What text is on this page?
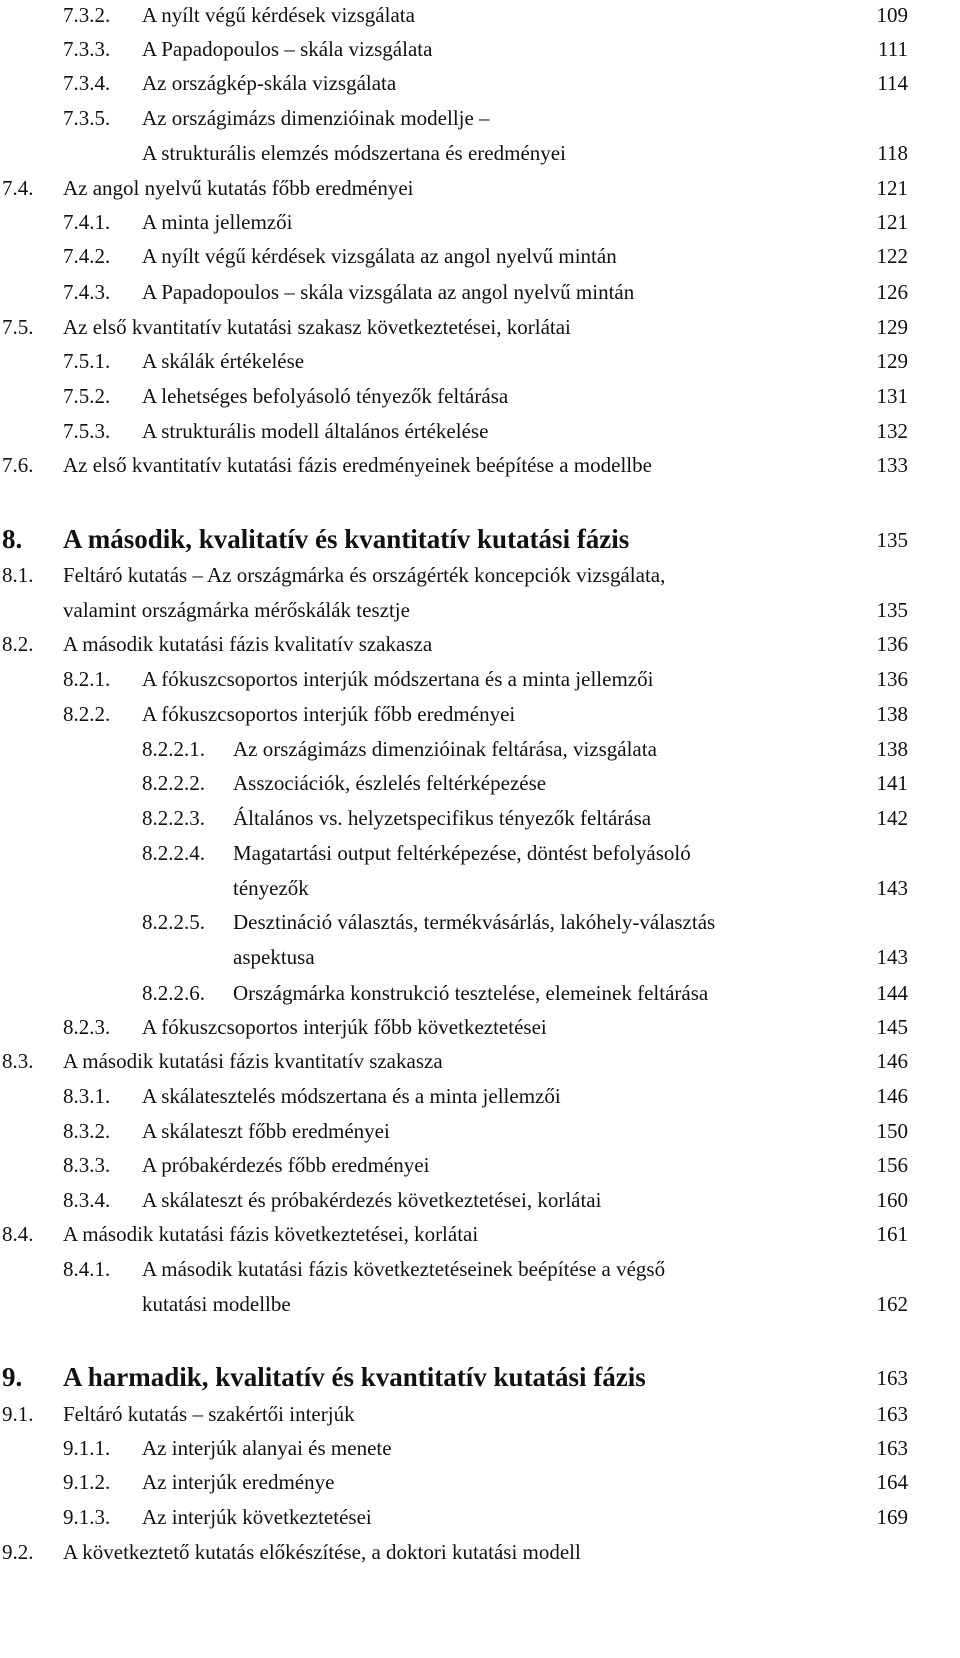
7.3.2. A nyílt végű kérdések vizsgálata	109
7.3.3. A Papadopoulos – skála vizsgálata	111
7.3.4. Az országkép-skála vizsgálata	114
7.3.5. Az országimázs dimenzióinak modellje –
A strukturális elemzés módszertana és eredményei	118
7.4. Az angol nyelvű kutatás főbb eredményei	121
7.4.1. A minta jellemzői	121
7.4.2. A nyílt végű kérdések vizsgálata az angol nyelvű mintán	122
7.4.3. A Papadopoulos – skála vizsgálata az angol nyelvű mintán	126
7.5. Az első kvantitatív kutatási szakasz következtetései, korlátai	129
7.5.1. A skálák értékelése	129
7.5.2. A lehetséges befolyásoló tényezők feltárása	131
7.5.3. A strukturális modell általános értékelése	132
7.6. Az első kvantitatív kutatási fázis eredményeinek beépítése a modellbe	133
8. A második, kvalitatív és kvantitatív kutatási fázis	135
8.1. Feltáró kutatás – Az országmárka és országérték koncepciók vizsgálata,
valamint országmárka mérőskálák tesztje	135
8.2. A második kutatási fázis kvalitatív szakasza	136
8.2.1. A fókuszcsoportos interjúk módszertana és a minta jellemzői	136
8.2.2. A fókuszcsoportos interjúk főbb eredményei	138
8.2.2.1. Az országimázs dimenzióinak feltárása, vizsgálata	138
8.2.2.2. Asszociációk, észlelés feltérképezése	141
8.2.2.3. Általános vs. helyzetspecifikus tényezők feltárása	142
8.2.2.4. Magatartási output feltérképezése, döntést befolyásoló
tényezők	143
8.2.2.5. Desztináció választás, termékvásárlás, lakóhely-választás
aspektusa	143
8.2.2.6. Országmárka konstrukció tesztelése, elemeinek feltárása	144
8.2.3. A fókuszcsoportos interjúk főbb következtetései	145
8.3. A második kutatási fázis kvantitatív szakasza	146
8.3.1. A skálatesztelés módszertana és a minta jellemzői	146
8.3.2. A skálateszt főbb eredményei	150
8.3.3. A próbakérdezés főbb eredményei	156
8.3.4. A skálateszt és próbakérdezés következtetései, korlátai	160
8.4. A második kutatási fázis következtetései, korlátai	161
8.4.1. A második kutatási fázis következtetéseinek beépítése a végső
kutatási modellbe	162
9. A harmadik, kvalitatív és kvantitatív kutatási fázis	163
9.1. Feltáró kutatás – szakértői interjúk	163
9.1.1. Az interjúk alanyai és menete	163
9.1.2. Az interjúk eredménye	164
9.1.3. Az interjúk következtetései	169
9.2. A következtető kutatás előkészítése, a doktori kutatási modell
